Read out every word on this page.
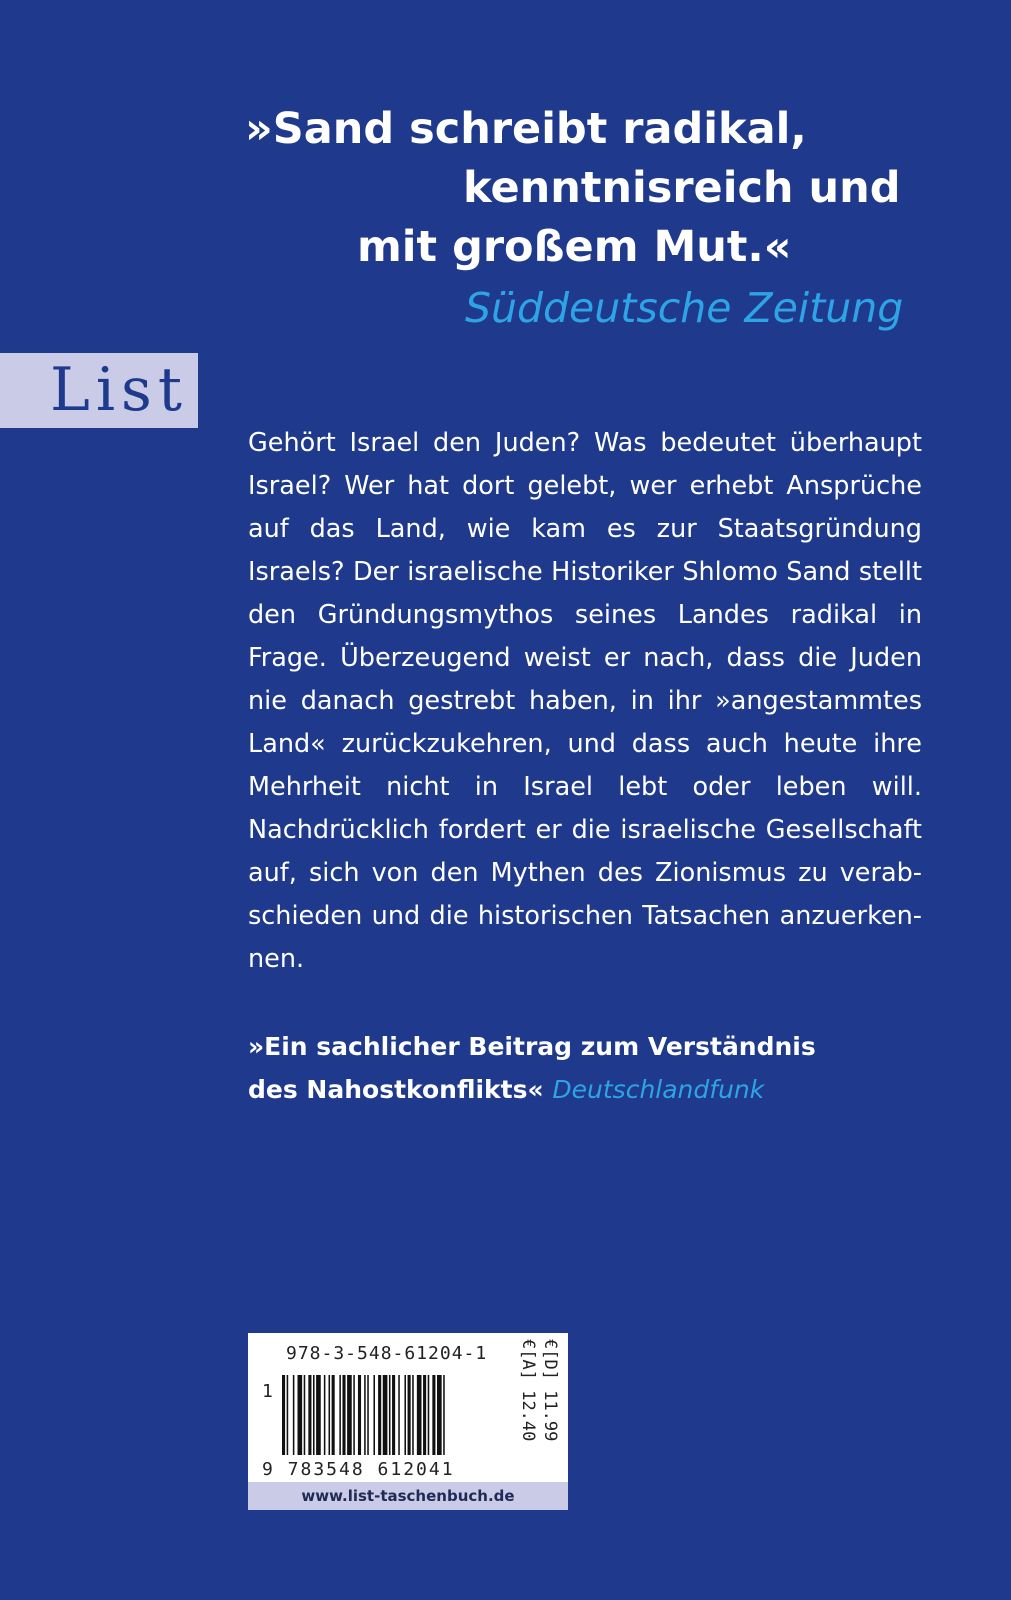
»Sand schreibt radikal,
kenntnisreich und
mit großem Mut.«
Süddeutsche Zeitung
List
Gehört Israel den Juden? Was bedeutet überhaupt
Israel? Wer hat dort gelebt, wer erhebt Ansprüche
auf das Land, wie kam es zur Staatsgründung
Israels? Der israelische Historiker Shlomo Sand stellt
den Gründungsmythos seines Landes radikal in
Frage. Überzeugend weist er nach, dass die Juden
nie danach gestrebt haben, in ihr »angestammtes
Land« zurückzukehren, und dass auch heute ihre
Mehrheit nicht in Israel lebt oder leben will.
Nachdrücklich fordert er die israelische Gesellschaft
auf, sich von den Mythen des Zionismus zu verab-
schieden und die historischen Tatsachen anzuerken-
nen.
»Ein sachlicher Beitrag zum Verständnis
des Nahostkonflikts« Deutschlandfunk
978-3-548-61204-1
1
9 783548 612041
€[D] 11.99
€[A] 12.40
www.list-taschenbuch.de
